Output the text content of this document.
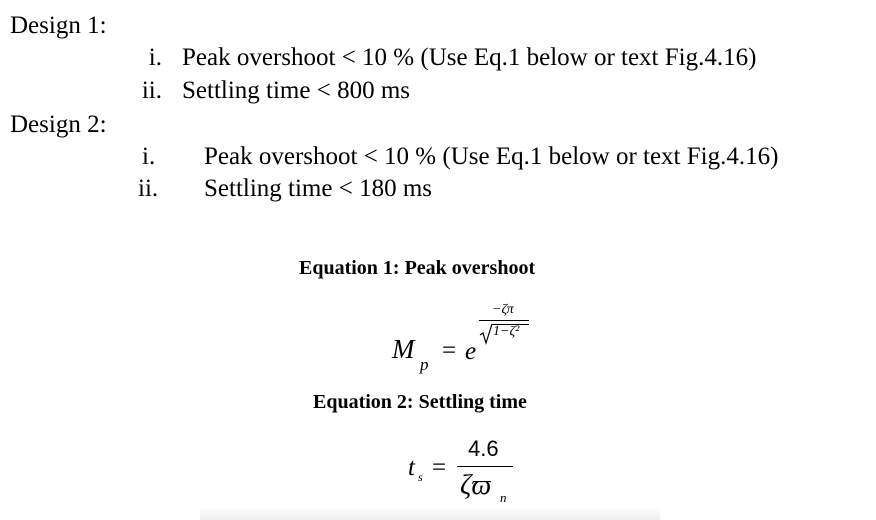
Design 1:
i. Peak overshoot < 10 % (Use Eq.1 below or text Fig.4.16)
ii. Settling time < 800 ms
Design 2:
i. Peak overshoot < 10 % (Use Eq.1 below or text Fig.4.16)
ii. Settling time < 180 ms
Equation 1: Peak overshoot
M
p
= e
−ζπ
1−ζ²
Equation 2: Settling time
t s =
4.6
ζϖ n
